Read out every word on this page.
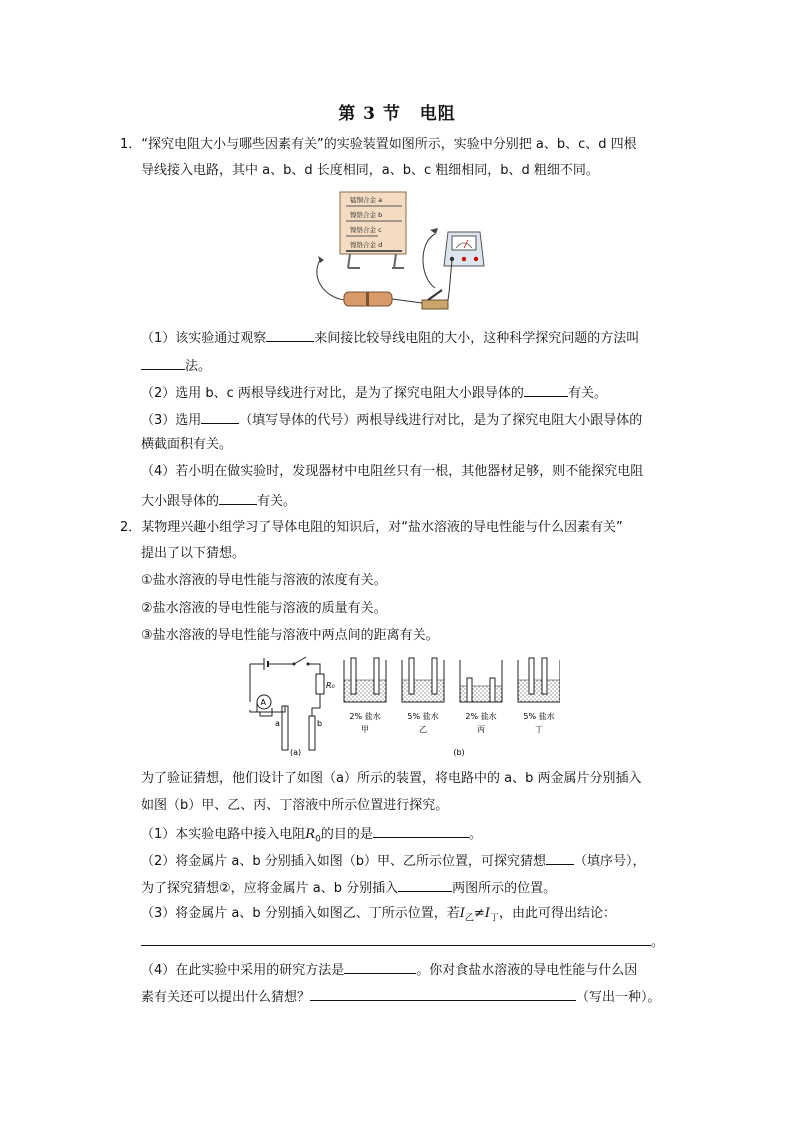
第 3 节 电阻
1．“探究电阻大小与哪些因素有关”的实验装置如图所示，实验中分别把 a、b、c、d 四根
导线接入电路，其中 a、b、d 长度相同，a、b、c 粗细相同，b、d 粗细不同。
锰铜合金 a
镍铬合金 b
镍铬合金 c
镍铬合金 d
（1）该实验通过观察	来间接比较导线电阻的大小，这种科学探究问题的方法叫
法。
（2）选用 b、c 两根导线进行对比，是为了探究电阻大小跟导体的	有关。
（3）选用	（填写导体的代号）两根导线进行对比，是为了探究电阻大小跟导体的
横截面积有关。
（4）若小明在做实验时，发现器材中电阻丝只有一根，其他器材足够，则不能探究电阻
大小跟导体的	有关。
2．某物理兴趣小组学习了导体电阻的知识后，对“盐水溶液的导电性能与什么因素有关”
提出了以下猜想。
①盐水溶液的导电性能与溶液的浓度有关。
②盐水溶液的导电性能与溶液的质量有关。
③盐水溶液的导电性能与溶液中两点间的距离有关。
A
R₀
a	b
(a)
2% 盐水
甲
5% 盐水
乙
2% 盐水
丙
5% 盐水
丁
(b)
为了验证猜想，他们设计了如图（a）所示的装置，将电路中的 a、b 两金属片分别插入
如图（b）甲、乙、丙、丁溶液中所示位置进行探究。
（1）本实验电路中接入电阻$R_0$的目的是	。
（2）将金属片 a、b 分别插入如图（b）甲、乙所示位置，可探究猜想 （填序号），
为了探究猜想②，应将金属片 a、b 分别插入	两图所示的位置。
（3）将金属片 a、b 分别插入如图乙、丁所示位置，若$I_乙\ne I_丁$，由此可得出结论：
。
（4）在此实验中采用的研究方法是	。你对食盐水溶液的导电性能与什么因
素有关还可以提出什么猜想？	（写出一种）。
